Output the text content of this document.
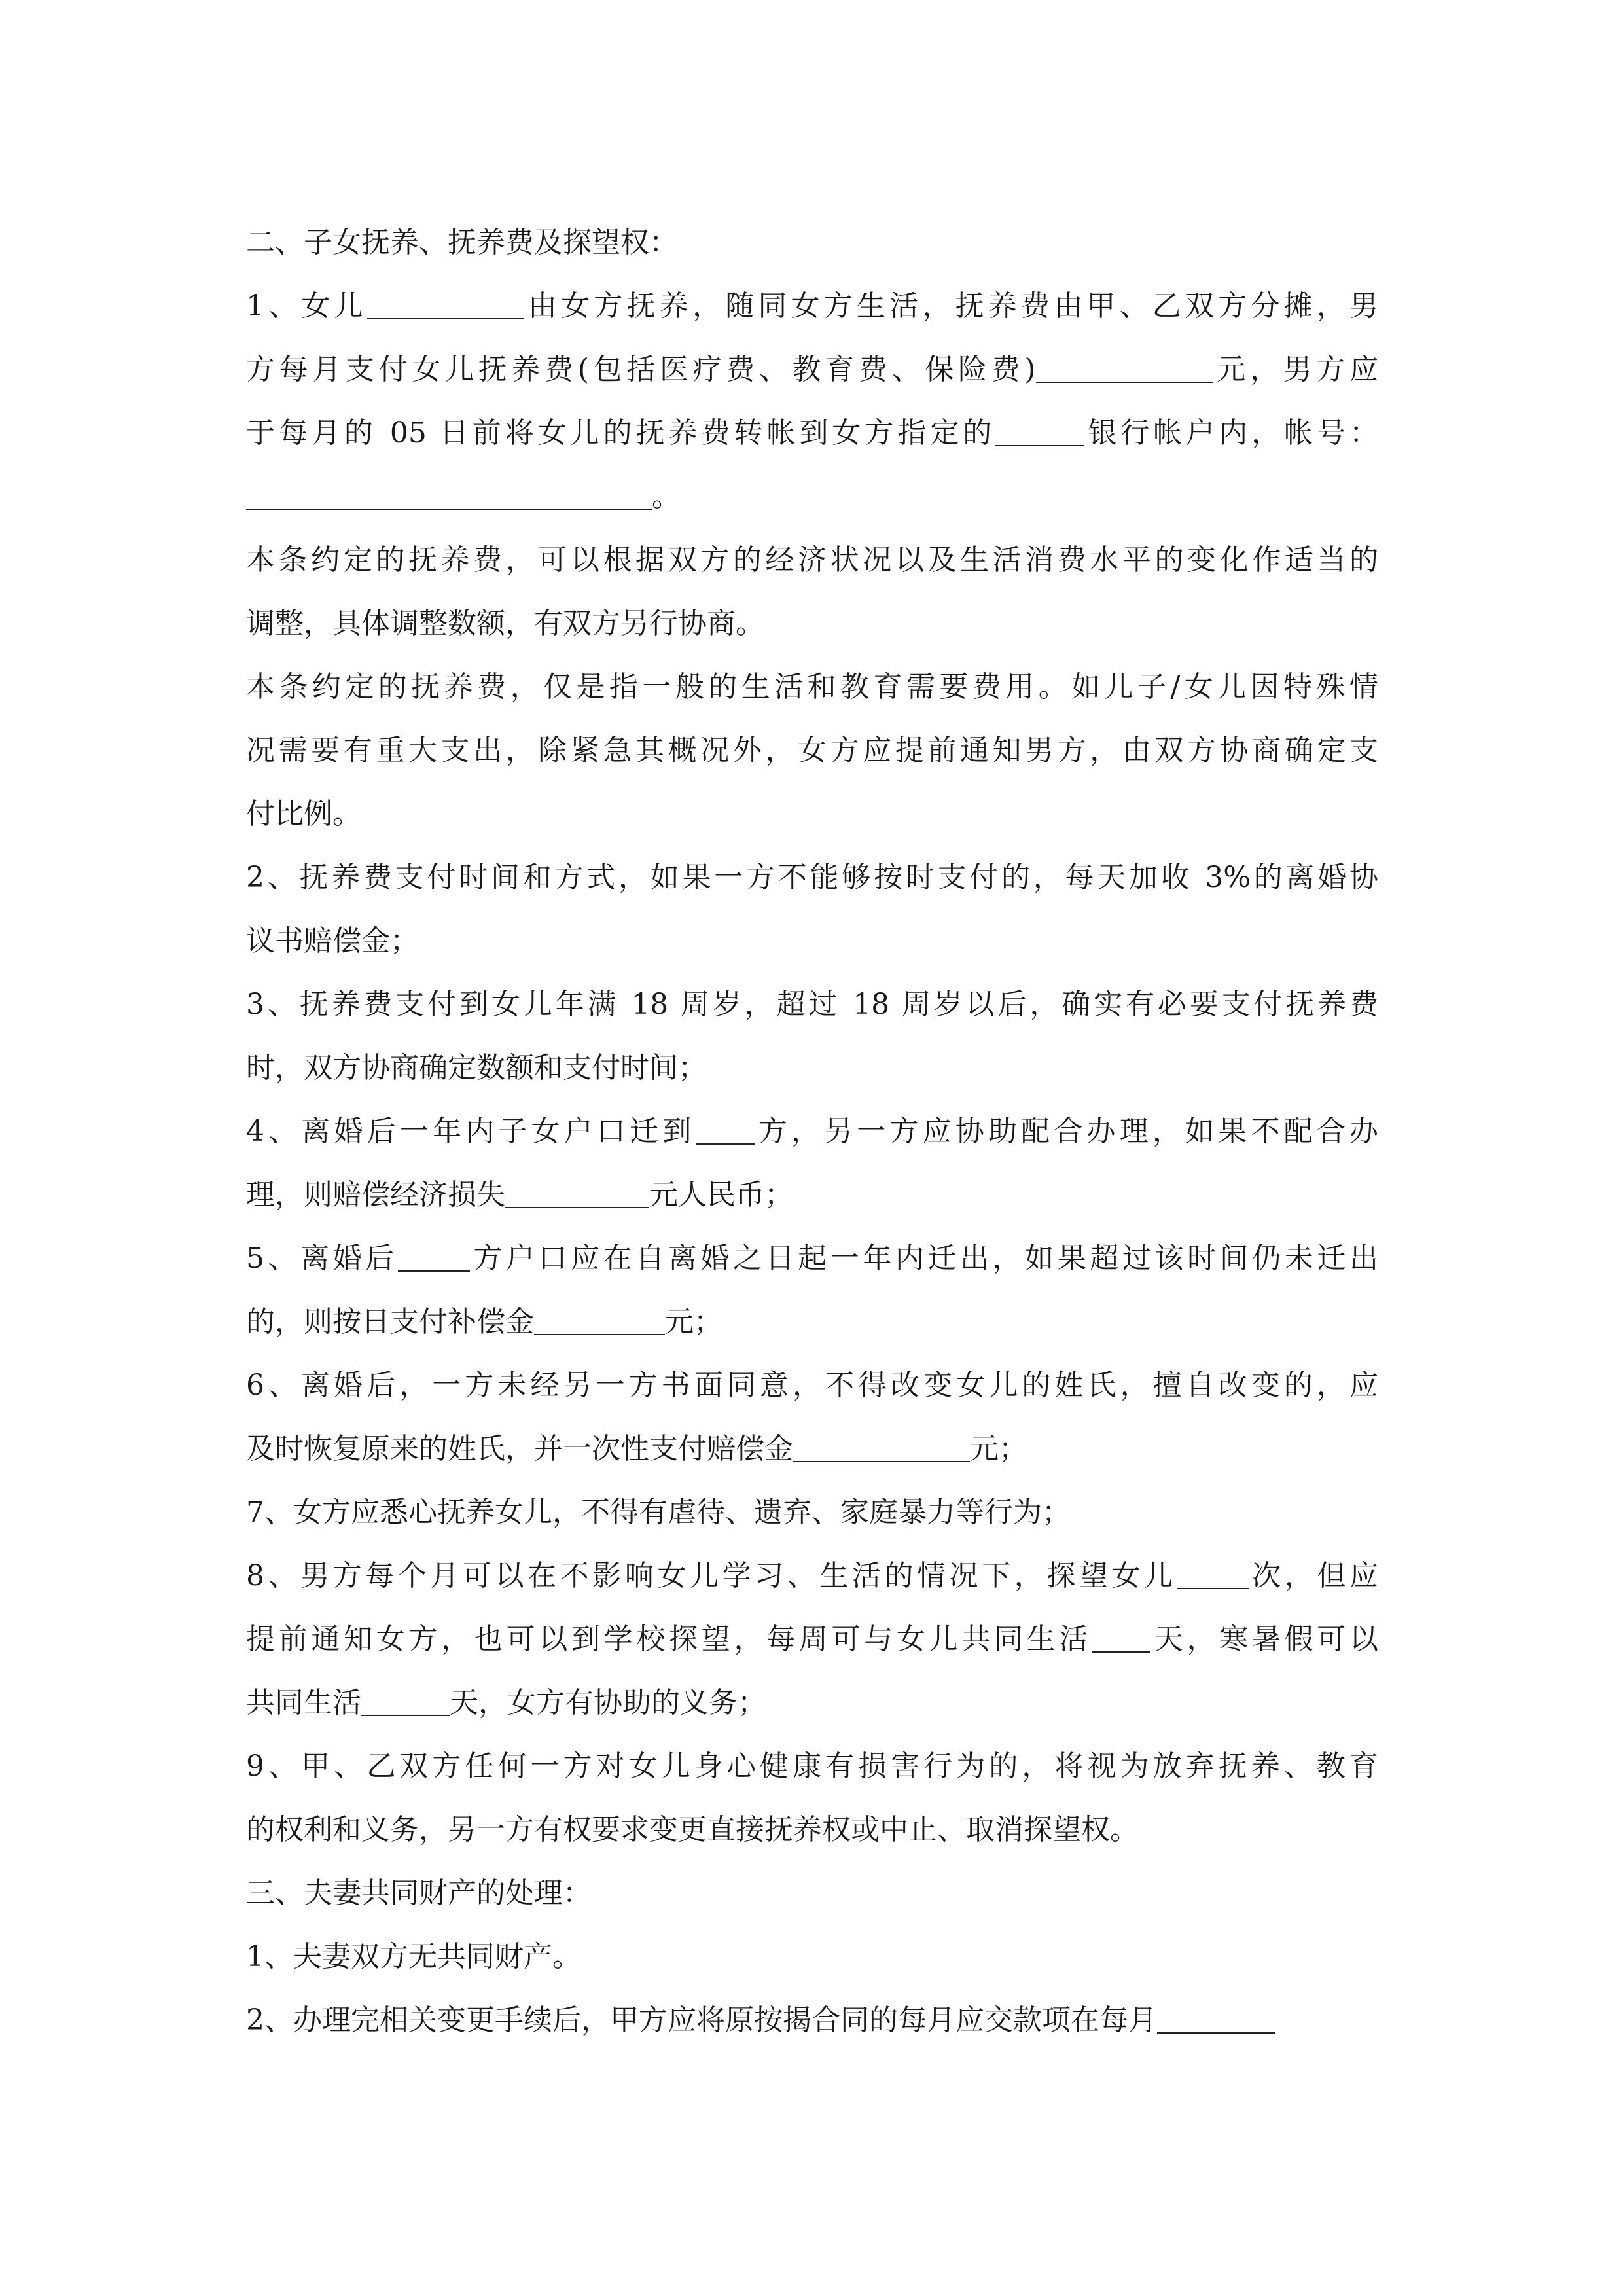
二、子女抚养、抚养费及探望权：
1、女儿	由女方抚养，随同女方生活，抚养费由甲、乙双方分摊，男
方每月支付女儿抚养费(包括医疗费、教育费、保险费)	元，男方应
于每月的 05 日前将女儿的抚养费转帐到女方指定的	银行帐户内，帐号：
。
本条约定的抚养费，可以根据双方的经济状况以及生活消费水平的变化作适当的
调整，具体调整数额，有双方另行协商。
本条约定的抚养费，仅是指一般的生活和教育需要费用。如儿子/女儿因特殊情
况需要有重大支出，除紧急其概况外，女方应提前通知男方，由双方协商确定支
付比例。
2、抚养费支付时间和方式，如果一方不能够按时支付的，每天加收 3%的离婚协
议书赔偿金；
3、抚养费支付到女儿年满 18 周岁，超过 18 周岁以后，确实有必要支付抚养费
时，双方协商确定数额和支付时间；
4、离婚后一年内子女户口迁到 方，另一方应协助配合办理，如果不配合办
理，则赔偿经济损失	元人民币；
5、离婚后	方户口应在自离婚之日起一年内迁出，如果超过该时间仍未迁出
的，则按日支付补偿金	元；
6、离婚后，一方未经另一方书面同意，不得改变女儿的姓氏，擅自改变的，应
及时恢复原来的姓氏，并一次性支付赔偿金	元；
7、女方应悉心抚养女儿，不得有虐待、遗弃、家庭暴力等行为；
8、男方每个月可以在不影响女儿学习、生活的情况下，探望女儿	次，但应
提前通知女方，也可以到学校探望，每周可与女儿共同生活 天，寒暑假可以
共同生活	天，女方有协助的义务；
9、甲、乙双方任何一方对女儿身心健康有损害行为的，将视为放弃抚养、教育
的权利和义务，另一方有权要求变更直接抚养权或中止、取消探望权。
三、夫妻共同财产的处理：
1、夫妻双方无共同财产。
2、办理完相关变更手续后，甲方应将原按揭合同的每月应交款项在每月
